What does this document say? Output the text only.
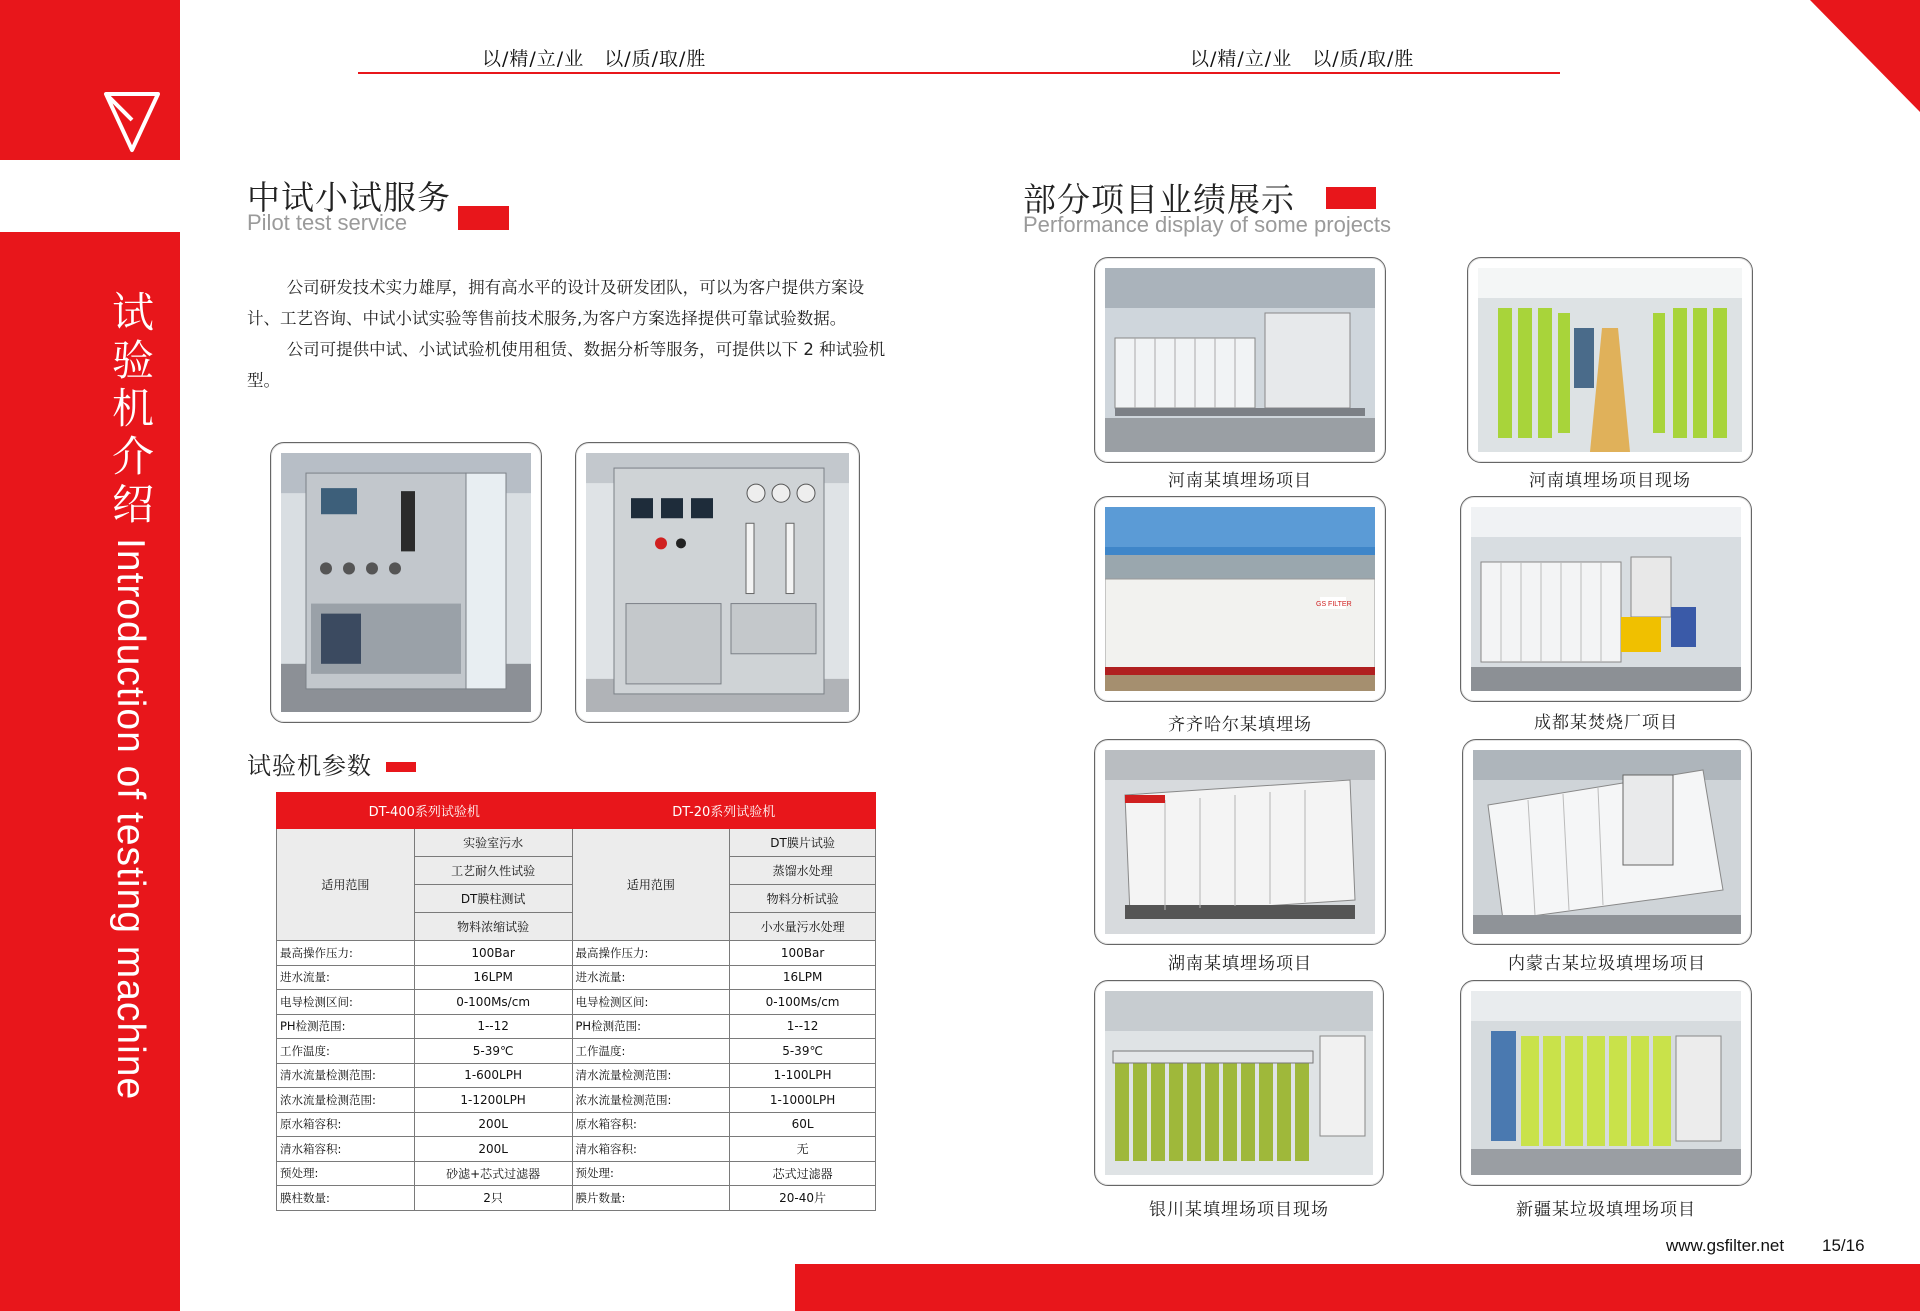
试验机介绍Introduction of testing machine
以/精/立/业　以/质/取/胜	以/精/立/业　以/质/取/胜
中试小试服务
Pilot test service

公司研发技术实力雄厚，拥有高水平的设计及研发团队，可以为客户提供方案设计、工艺咨询、中试小试实验等售前技术服务,为客户方案选择提供可靠试验数据。

公司可提供中试、小试试验机使用租赁、数据分析等服务，可提供以下 2 种试验机型。

试验机参数
DT-400系列试验机		DT-20系列试验机	
适用范围	实验室污水	适用范围	DT膜片试验
	工艺耐久性试验		蒸馏水处理
	DT膜柱测试		物料分析试验
	物料浓缩试验		小水量污水处理
最高操作压力:	100Bar	最高操作压力:	100Bar
进水流量:	16LPM	进水流量:	16LPM
电导检测区间:	0-100Ms/cm	电导检测区间:	0-100Ms/cm
PH检测范围:	1--12	PH检测范围:	1--12
工作温度:	5-39℃	工作温度:	5-39℃
清水流量检测范围:	1-600LPH	清水流量检测范围:	1-100LPH
浓水流量检测范围:	1-1200LPH	浓水流量检测范围:	1-1000LPH
原水箱容积:	200L	原水箱容积:	60L
清水箱容积:	200L	清水箱容积:	无
预处理:	砂滤+芯式过滤器	预处理:	芯式过滤器
膜柱数量:	2只	膜片数量:	20-40片
部分项目业绩展示
Performance display of some projects
河南某填埋场项目	河南填埋场项目现场
GS FILTER
齐齐哈尔某填埋场	成都某焚烧厂项目
湖南某填埋场项目	内蒙古某垃圾填埋场项目
银川某填埋场项目现场	新疆某垃圾填埋场项目
www.gsfilter.net 15/16
